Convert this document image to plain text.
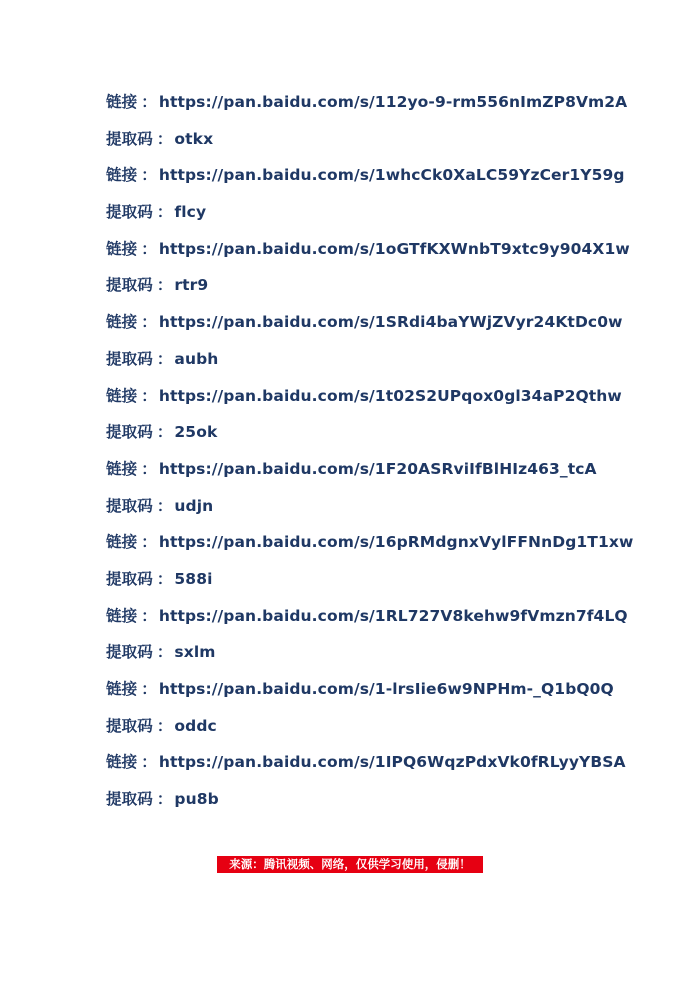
链接 ： https://pan.baidu.com/s/112yo-9-rm556nImZP8Vm2A
提取码 ： otkx
链接 ： https://pan.baidu.com/s/1whcCk0XaLC59YzCer1Y59g
提取码 ： flcy
链接 ： https://pan.baidu.com/s/1oGTfKXWnbT9xtc9y904X1w
提取码 ： rtr9
链接 ： https://pan.baidu.com/s/1SRdi4baYWjZVyr24KtDc0w
提取码 ： aubh
链接 ： https://pan.baidu.com/s/1t02S2UPqox0gl34aP2Qthw
提取码 ： 25ok
链接 ： https://pan.baidu.com/s/1F20ASRviIfBlHIz463_tcA
提取码 ： udjn
链接 ： https://pan.baidu.com/s/16pRMdgnxVylFFNnDg1T1xw
提取码 ： 588i
链接 ： https://pan.baidu.com/s/1RL727V8kehw9fVmzn7f4LQ
提取码 ： sxlm
链接 ： https://pan.baidu.com/s/1-lrsIie6w9NPHm-_Q1bQ0Q
提取码 ： oddc
链接 ： https://pan.baidu.com/s/1IPQ6WqzPdxVk0fRLyyYBSA
提取码 ： pu8b
来源：腾讯视频、网络，仅供学习使用，侵删！
